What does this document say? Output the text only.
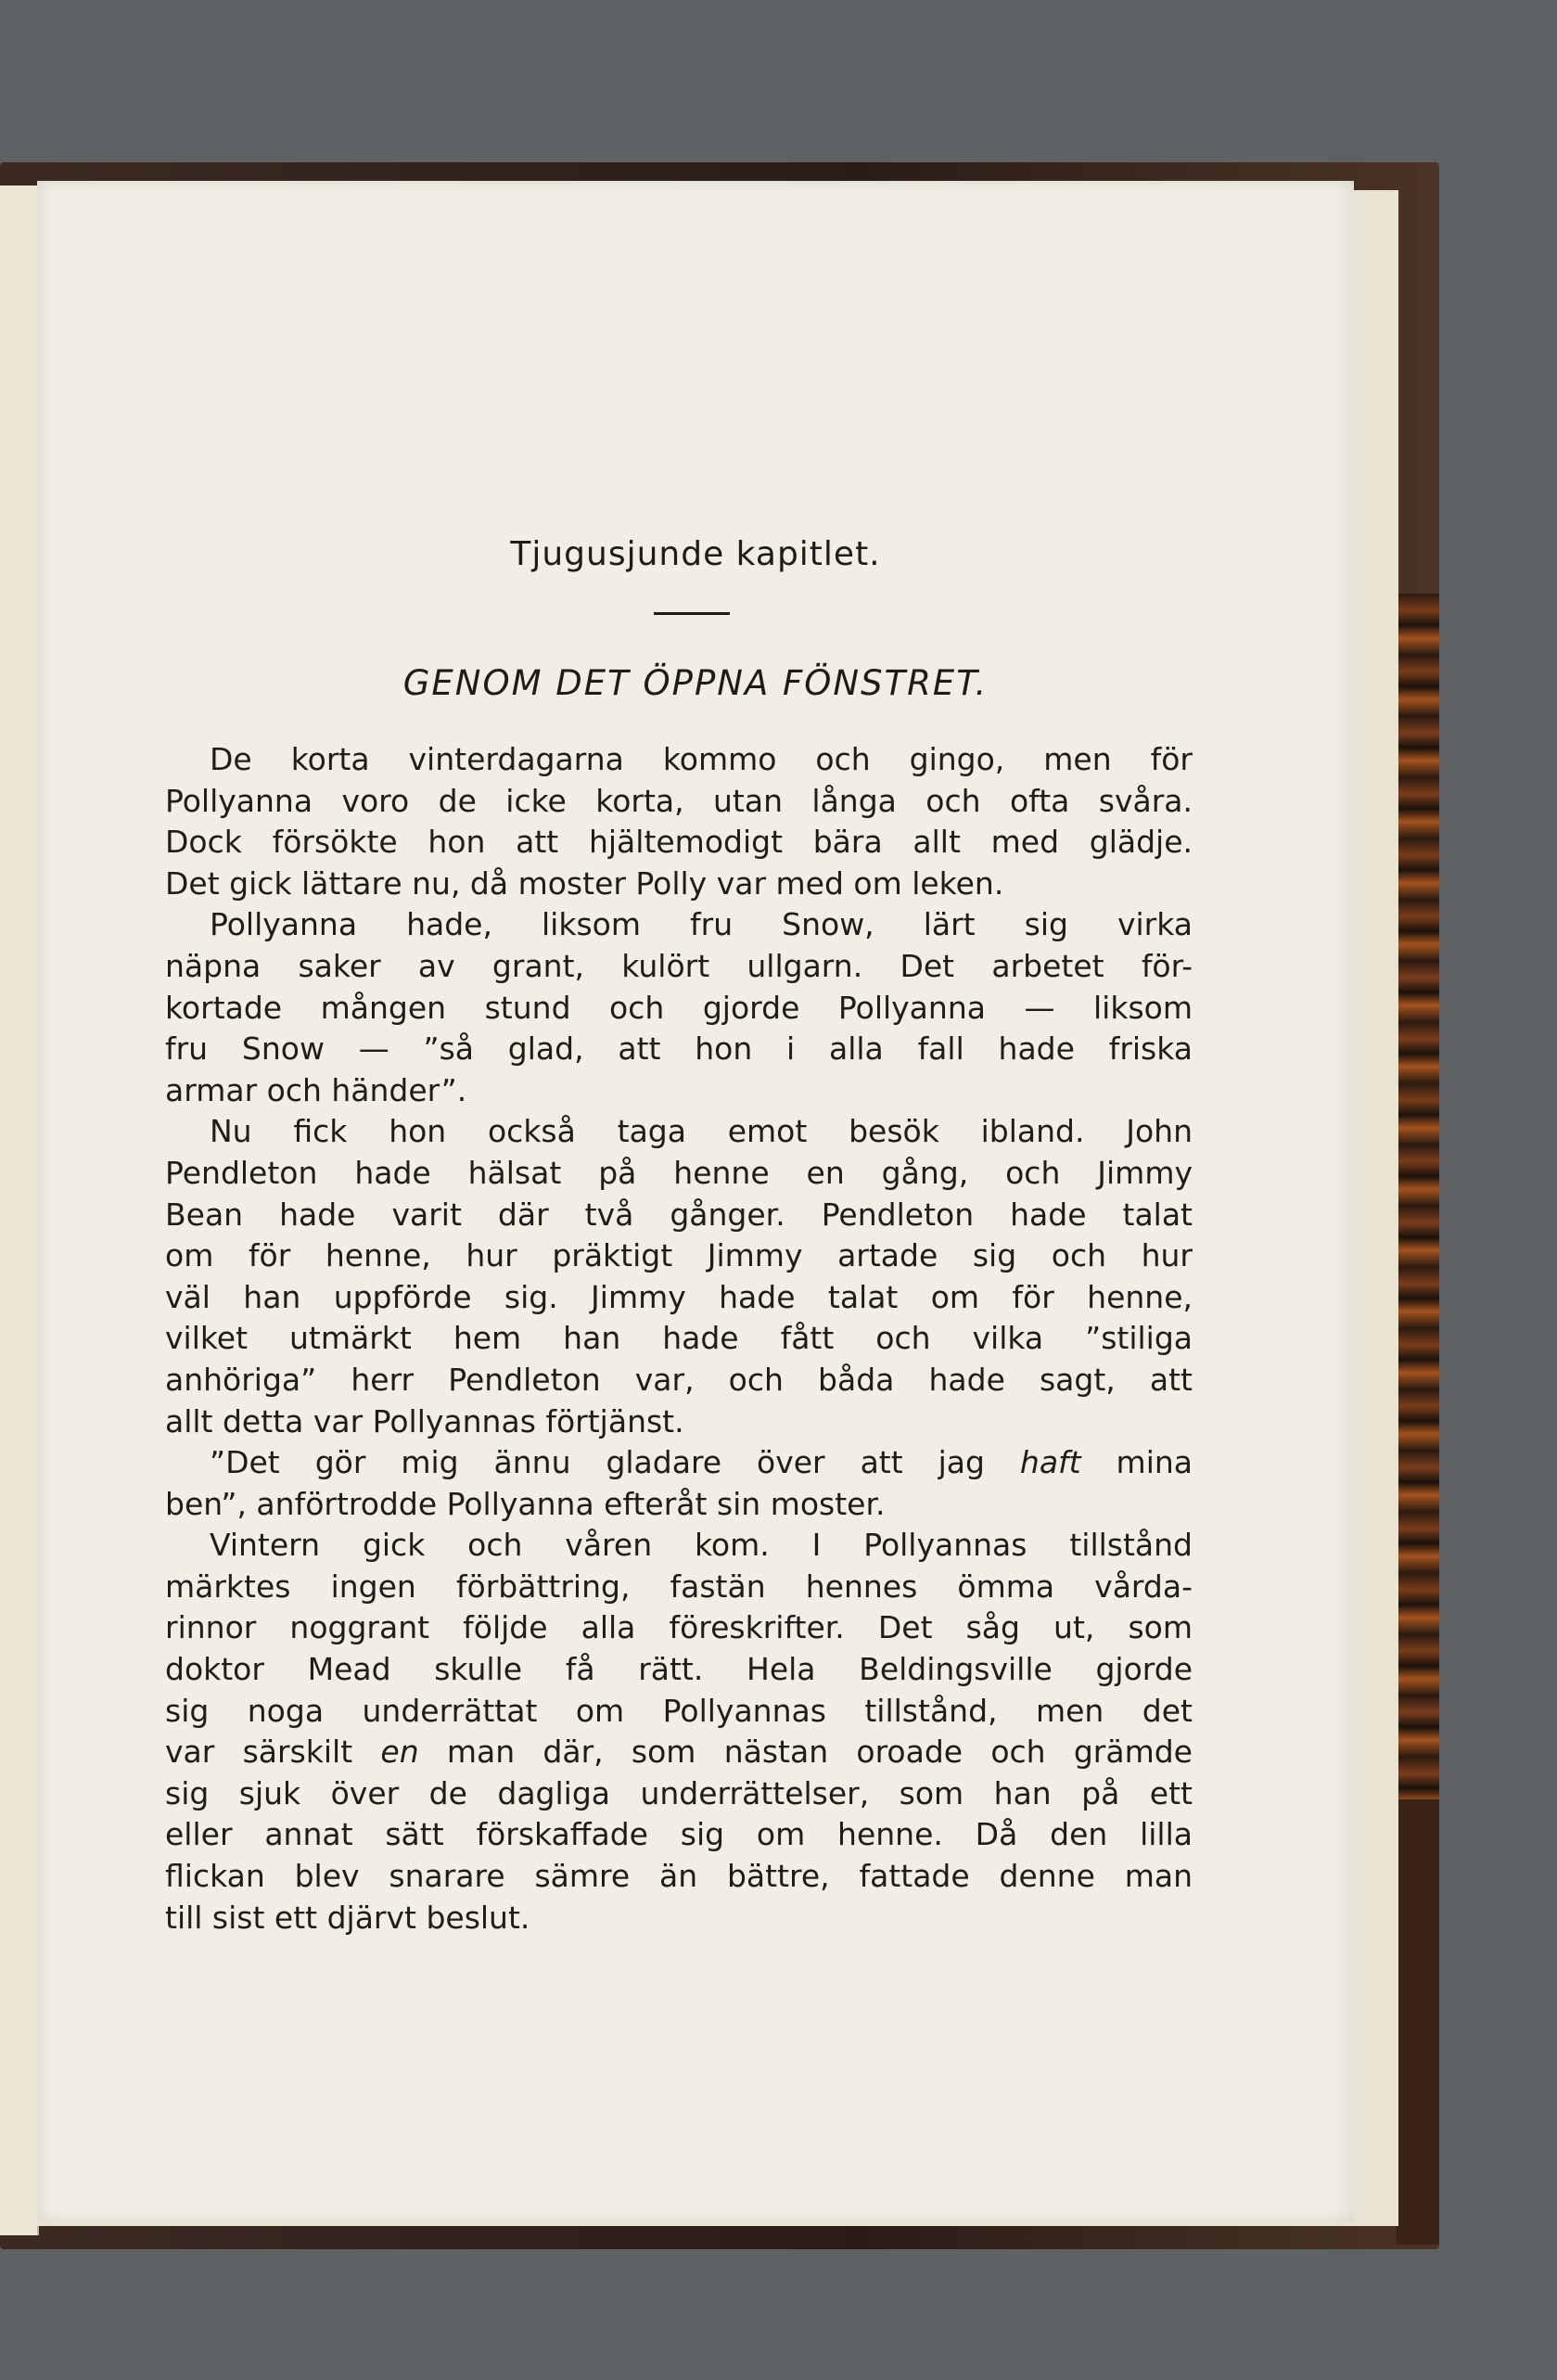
Tjugusjunde kapitlet.
GENOM DET ÖPPNA FÖNSTRET.
De korta vinterdagarna kommo och gingo, men för
Pollyanna voro de icke korta, utan långa och ofta svåra.
Dock försökte hon att hjältemodigt bära allt med glädje.
Det gick lättare nu, då moster Polly var med om leken.
Pollyanna hade, liksom fru Snow, lärt sig virka
näpna saker av grant, kulört ullgarn. Det arbetet för-
kortade mången stund och gjorde Pollyanna — liksom
fru Snow — ”så glad, att hon i alla fall hade friska
armar och händer”.
Nu fick hon också taga emot besök ibland. John
Pendleton hade hälsat på henne en gång, och Jimmy
Bean hade varit där två gånger. Pendleton hade talat
om för henne, hur präktigt Jimmy artade sig och hur
väl han uppförde sig. Jimmy hade talat om för henne,
vilket utmärkt hem han hade fått och vilka ”stiliga
anhöriga” herr Pendleton var, och båda hade sagt, att
allt detta var Pollyannas förtjänst.
”Det gör mig ännu gladare över att jag haft mina
ben”, anförtrodde Pollyanna efteråt sin moster.
Vintern gick och våren kom. I Pollyannas tillstånd
märktes ingen förbättring, fastän hennes ömma vårda-
rinnor noggrant följde alla föreskrifter. Det såg ut, som
doktor Mead skulle få rätt. Hela Beldingsville gjorde
sig noga underrättat om Pollyannas tillstånd, men det
var särskilt en man där, som nästan oroade och grämde
sig sjuk över de dagliga underrättelser, som han på ett
eller annat sätt förskaffade sig om henne. Då den lilla
flickan blev snarare sämre än bättre, fattade denne man
till sist ett djärvt beslut.
